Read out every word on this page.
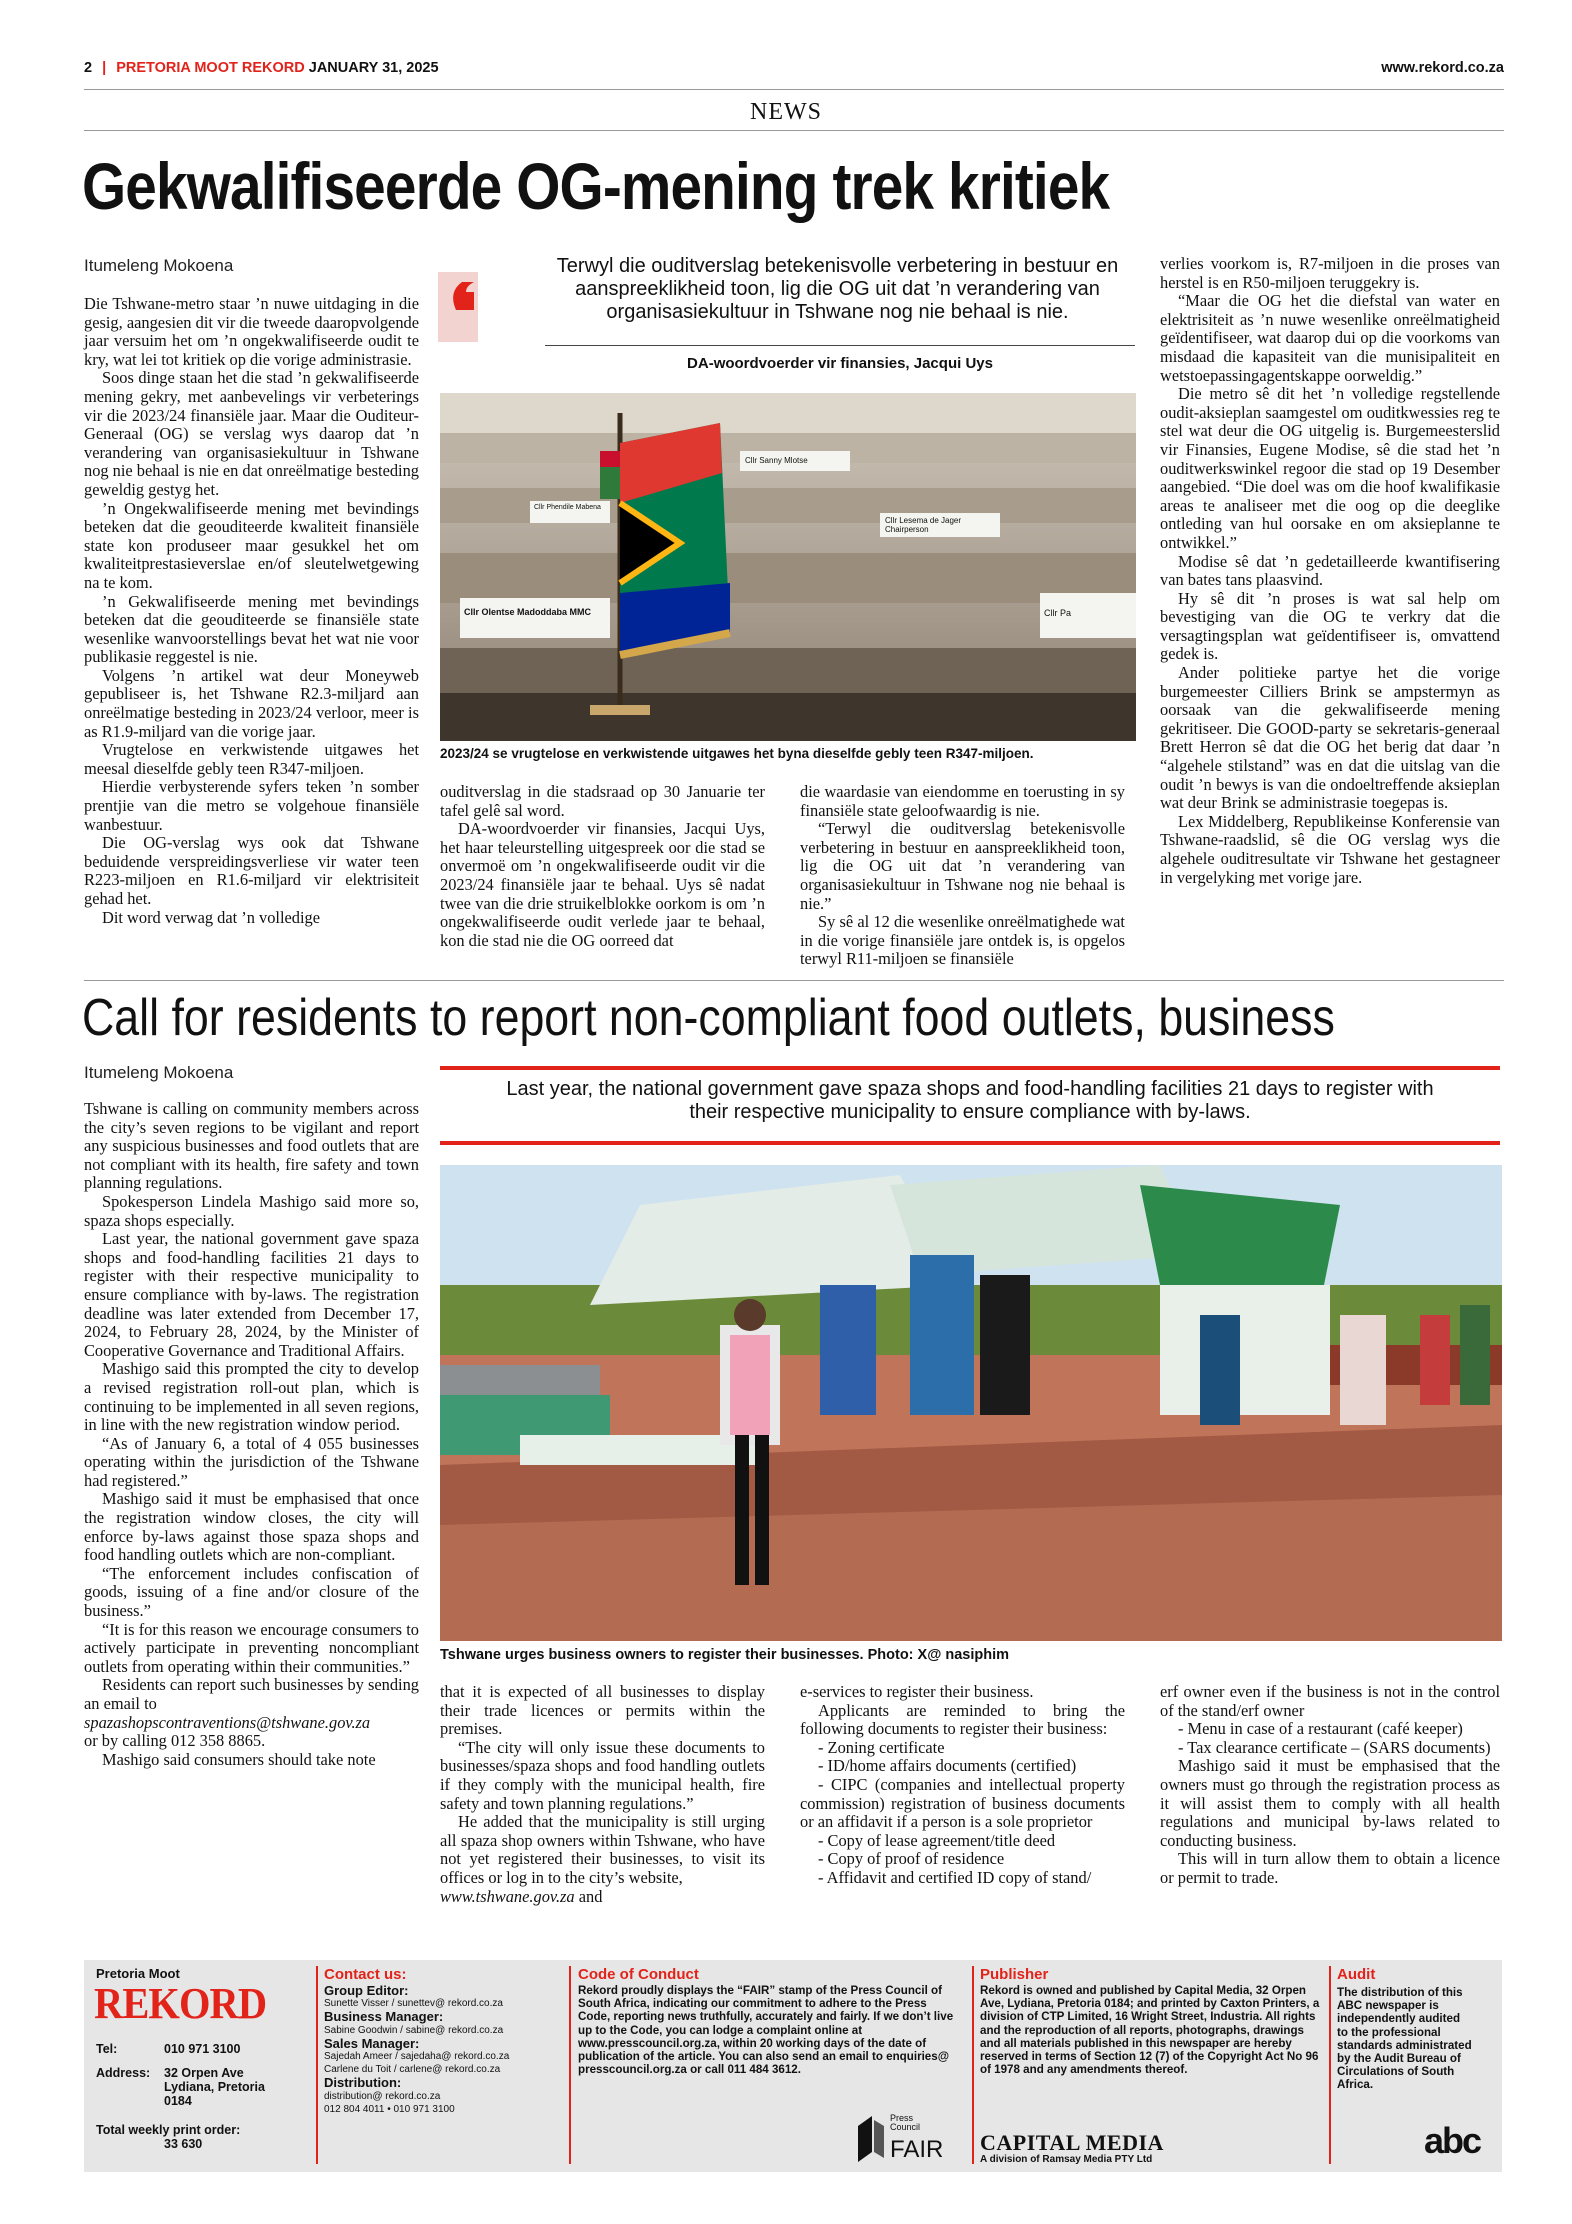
2 | PRETORIA MOOT REKORD JANUARY 31, 2025	www.rekord.co.za
NEWS
Gekwalifiseerde OG-mening trek kritiek
Itumeleng Mokoena

Die Tshwane-metro staar ’n nuwe uitdaging in die gesig, aangesien dit vir die tweede daaropvolgende jaar versuim het om ’n ongekwalifiseerde oudit te kry, wat lei tot kritiek op die vorige administrasie.

Soos dinge staan het die stad ’n gekwalifiseerde mening gekry, met aanbevelings vir verbeterings vir die 2023/24 finansiële jaar. Maar die Ouditeur-Generaal (OG) se verslag wys daarop dat ’n verandering van organisasiekultuur in Tshwane nog nie behaal is nie en dat onreëlmatige besteding geweldig gestyg het.

’n Ongekwalifiseerde mening met bevindings beteken dat die geouditeerde kwaliteit finansiële state kon produseer maar gesukkel het om kwaliteitprestasieverslae en/of sleutelwetgewing na te kom.

’n Gekwalifiseerde mening met bevindings beteken dat die geouditeerde se finansiële state wesenlike wanvoorstellings bevat het wat nie voor publikasie reggestel is nie.

Volgens ’n artikel wat deur Moneyweb gepubliseer is, het Tshwane R2.3-miljard aan onreëlmatige besteding in 2023/24 verloor, meer is as R1.9-miljard van die vorige jaar.

Vrugtelose en verkwistende uitgawes het meesal dieselfde gebly teen R347-miljoen.

Hierdie verbysterende syfers teken ’n somber prentjie van die metro se volgehoue finansiële wanbestuur.

Die OG-verslag wys ook dat Tshwane beduidende verspreidingsverliese vir water teen R223-miljoen en R1.6-miljard vir elektrisiteit gehad het.

Dit word verwag dat ’n volledige

Terwyl die ouditverslag betekenisvolle verbetering in bestuur en aanspreeklikheid toon, lig die OG uit dat ’n verandering van organisasiekultuur in Tshwane nog nie behaal is nie.
DA-woordvoerder vir finansies, Jacqui Uys
Cllr Olentse Madoddaba MMC
Cllr Sanny Mlotse
Cllr Lesema de Jager Chairperson
Cllr Phendile Mabena
Cllr Pa
2023/24 se vrugtelose en verkwistende uitgawes het byna dieselfde gebly teen R347-miljoen.

ouditverslag in die stadsraad op 30 Januarie ter tafel gelê sal word.

DA-woordvoerder vir finansies, Jacqui Uys, het haar teleurstelling uitgespreek oor die stad se onvermoë om ’n ongekwalifiseerde oudit vir die 2023/24 finansiële jaar te behaal. Uys sê nadat twee van die drie struikelblokke oorkom is om ’n ongekwalifiseerde oudit verlede jaar te behaal, kon die stad nie die OG oorreed dat

die waardasie van eiendomme en toerusting in sy finansiële state geloofwaardig is nie.

“Terwyl die ouditverslag betekenisvolle verbetering in bestuur en aanspreeklikheid toon, lig die OG uit dat ’n verandering van organisasiekultuur in Tshwane nog nie behaal is nie.”

Sy sê al 12 die wesenlike onreëlmatighede wat in die vorige finansiële jare ontdek is, is opgelos terwyl R11-miljoen se finansiële

verlies voorkom is, R7-miljoen in die proses van herstel is en R50-miljoen teruggekry is.

“Maar die OG het die diefstal van water en elektrisiteit as ’n nuwe wesenlike onreëlmatigheid geïdentifiseer, wat daarop dui op die voorkoms van misdaad die kapasiteit van die munisipaliteit en wetstoepassingagentskappe oorweldig.”

Die metro sê dit het ’n volledige regstellende oudit-aksieplan saamgestel om ouditkwessies reg te stel wat deur die OG uitgelig is. Burgemeesterslid vir Finansies, Eugene Modise, sê die stad het ’n ouditwerkswinkel regoor die stad op 19 Desember aangebied. “Die doel was om die hoof kwalifikasie areas te analiseer met die oog op die deeglike ontleding van hul oorsake en om aksieplanne te ontwikkel.”

Modise sê dat ’n gedetailleerde kwantifisering van bates tans plaasvind.

Hy sê dit ’n proses is wat sal help om bevestiging van die OG te verkry dat die versagtingsplan wat geïdentifiseer is, omvattend gedek is.

Ander politieke partye het die vorige burgemeester Cilliers Brink se ampstermyn as oorsaak van die gekwalifiseerde mening gekritiseer. Die GOOD-party se sekretaris-generaal Brett Herron sê dat die OG het berig dat daar ’n “algehele stilstand” was en dat die uitslag van die oudit ’n bewys is van die ondoeltreffende aksieplan wat deur Brink se administrasie toegepas is.

Lex Middelberg, Republikeinse Konferensie van Tshwane-raadslid, sê die OG verslag wys die algehele ouditresultate vir Tshwane het gestagneer in vergelyking met vorige jare.

Call for residents to report non-compliant food outlets, business
Itumeleng Mokoena
Last year, the national government gave spaza shops and food-handling facilities 21 days to register with their respective municipality to ensure compliance with by-laws.

Tshwane is calling on community members across the city’s seven regions to be vigilant and report any suspicious businesses and food outlets that are not compliant with its health, fire safety and town planning regulations.

Spokesperson Lindela Mashigo said more so, spaza shops especially.

Last year, the national government gave spaza shops and food-handling facilities 21 days to register with their respective municipality to ensure compliance with by-laws. The registration deadline was later extended from December 17, 2024, to February 28, 2024, by the Minister of Cooperative Governance and Traditional Affairs.

Mashigo said this prompted the city to develop a revised registration roll-out plan, which is continuing to be implemented in all seven regions, in line with the new registration window period.

“As of January 6, a total of 4 055 businesses operating within the jurisdiction of the Tshwane had registered.”

Mashigo said it must be emphasised that once the registration window closes, the city will enforce by-laws against those spaza shops and food handling outlets which are non-compliant.

“The enforcement includes confiscation of goods, issuing of a fine and/or closure of the business.”

“It is for this reason we encourage consumers to actively participate in preventing noncompliant outlets from operating within their communities.”

Residents can report such businesses by sending an email to

spazashopscontraventions@tshwane.gov.za

or by calling 012 358 8865.

Mashigo said consumers should take note

Tshwane urges business owners to register their businesses. Photo: X@ nasiphim

that it is expected of all businesses to display their trade licences or permits within the premises.

“The city will only issue these documents to businesses/spaza shops and food handling outlets if they comply with the municipal health, fire safety and town planning regulations.”

He added that the municipality is still urging all spaza shop owners within Tshwane, who have not yet registered their businesses, to visit its offices or log in to the city’s website,

www.tshwane.gov.za and

e-services to register their business.

Applicants are reminded to bring the following documents to register their business:

- Zoning certificate

- ID/home affairs documents (certified)

- CIPC (companies and intellectual property commission) registration of business documents or an affidavit if a person is a sole proprietor

- Copy of lease agreement/title deed

- Copy of proof of residence

- Affidavit and certified ID copy of stand/

erf owner even if the business is not in the control of the stand/erf owner

- Menu in case of a restaurant (café keeper)

- Tax clearance certificate – (SARS documents)

Mashigo said it must be emphasised that the owners must go through the registration process as it will assist them to comply with all health regulations and municipal by-laws related to conducting business.

This will in turn allow them to obtain a licence or permit to trade.

Pretoria Moot
REKORD
Tel:	010 971 3100
Address: 32 Orpen Ave
Lydiana, Pretoria
0184
Total weekly print order:
33 630
Contact us:
Group Editor:
Sunette Visser / sunettev@ rekord.co.za
Business Manager:
Sabine Goodwin / sabine@ rekord.co.za
Sales Manager:
Sajedah Ameer / sajedaha@ rekord.co.za
Carlene du Toit / carlene@ rekord.co.za
Distribution:
distribution@ rekord.co.za
012 804 4011 • 010 971 3100
Code of Conduct
Rekord proudly displays the “FAIR” stamp of the Press Council of South Africa, indicating our commitment to adhere to the Press Code, reporting news truthfully, accurately and fairly. If we don’t live up to the Code, you can lodge a complaint online at www.presscouncil.org.za, within 20 working days of the date of publication of the article. You can also send an email to enquiries@ presscouncil.org.za or call 011 484 3612.
Press Council
FAIR
Publisher
Rekord is owned and published by Capital Media, 32 Orpen Ave, Lydiana, Pretoria 0184; and printed by Caxton Printers, a division of CTP Limited, 16 Wright Street, Industria. All rights and the reproduction of all reports, photographs, drawings and all materials published in this newspaper are hereby reserved in terms of Section 12 (7) of the Copyright Act No 96 of 1978 and any amendments thereof.
CAPITAL MEDIA
A division of Ramsay Media PTY Ltd
Audit
The distribution of this ABC newspaper is independently audited to the professional standards administrated by the Audit Bureau of Circulations of South Africa.
abc
